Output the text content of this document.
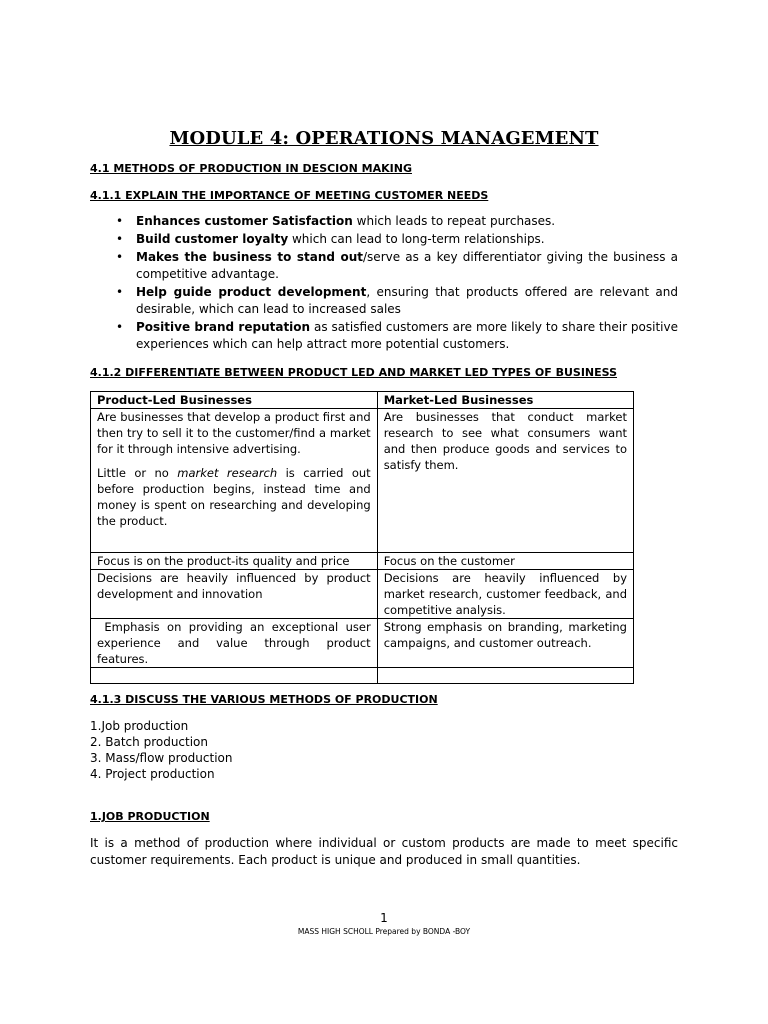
MODULE 4: OPERATIONS MANAGEMENT
4.1 METHODS OF PRODUCTION IN DESCION MAKING
4.1.1 EXPLAIN THE IMPORTANCE OF MEETING CUSTOMER NEEDS
• Enhances customer Satisfaction which leads to repeat purchases.
• Build customer loyalty which can lead to long-term relationships.
• Makes the business to stand out/serve as a key differentiator giving the business a competitive advantage.
• Help guide product development, ensuring that products offered are relevant and desirable, which can lead to increased sales
• Positive brand reputation as satisfied customers are more likely to share their positive experiences which can help attract more potential customers.
4.1.2 DIFFERENTIATE BETWEEN PRODUCT LED AND MARKET LED TYPES OF BUSINESS
Product-Led Businesses	Market-Led Businesses

Are businesses that develop a product first and then try to sell it to the customer/find a market for it through intensive advertising.
Little or no market research is carried out before production begins, instead time and money is spent on researching and developing the product.	Are businesses that conduct market research to see what consumers want and then produce goods and services to satisfy them.
Focus is on the product-its quality and price	Focus on the customer
Decisions are heavily influenced by product development and innovation	Decisions are heavily influenced by market research, customer feedback, and competitive analysis.
Emphasis on providing an exceptional user experience and value through product features.	Strong emphasis on branding, marketing campaigns, and customer outreach.

4.1.3 DISCUSS THE VARIOUS METHODS OF PRODUCTION
1.Job production
2. Batch production
3. Mass/flow production
4. Project production
1.JOB PRODUCTION
It is a method of production where individual or custom products are made to meet specific customer requirements. Each product is unique and produced in small quantities.
1
MASS HIGH SCHOLL Prepared by BONDA -BOY
